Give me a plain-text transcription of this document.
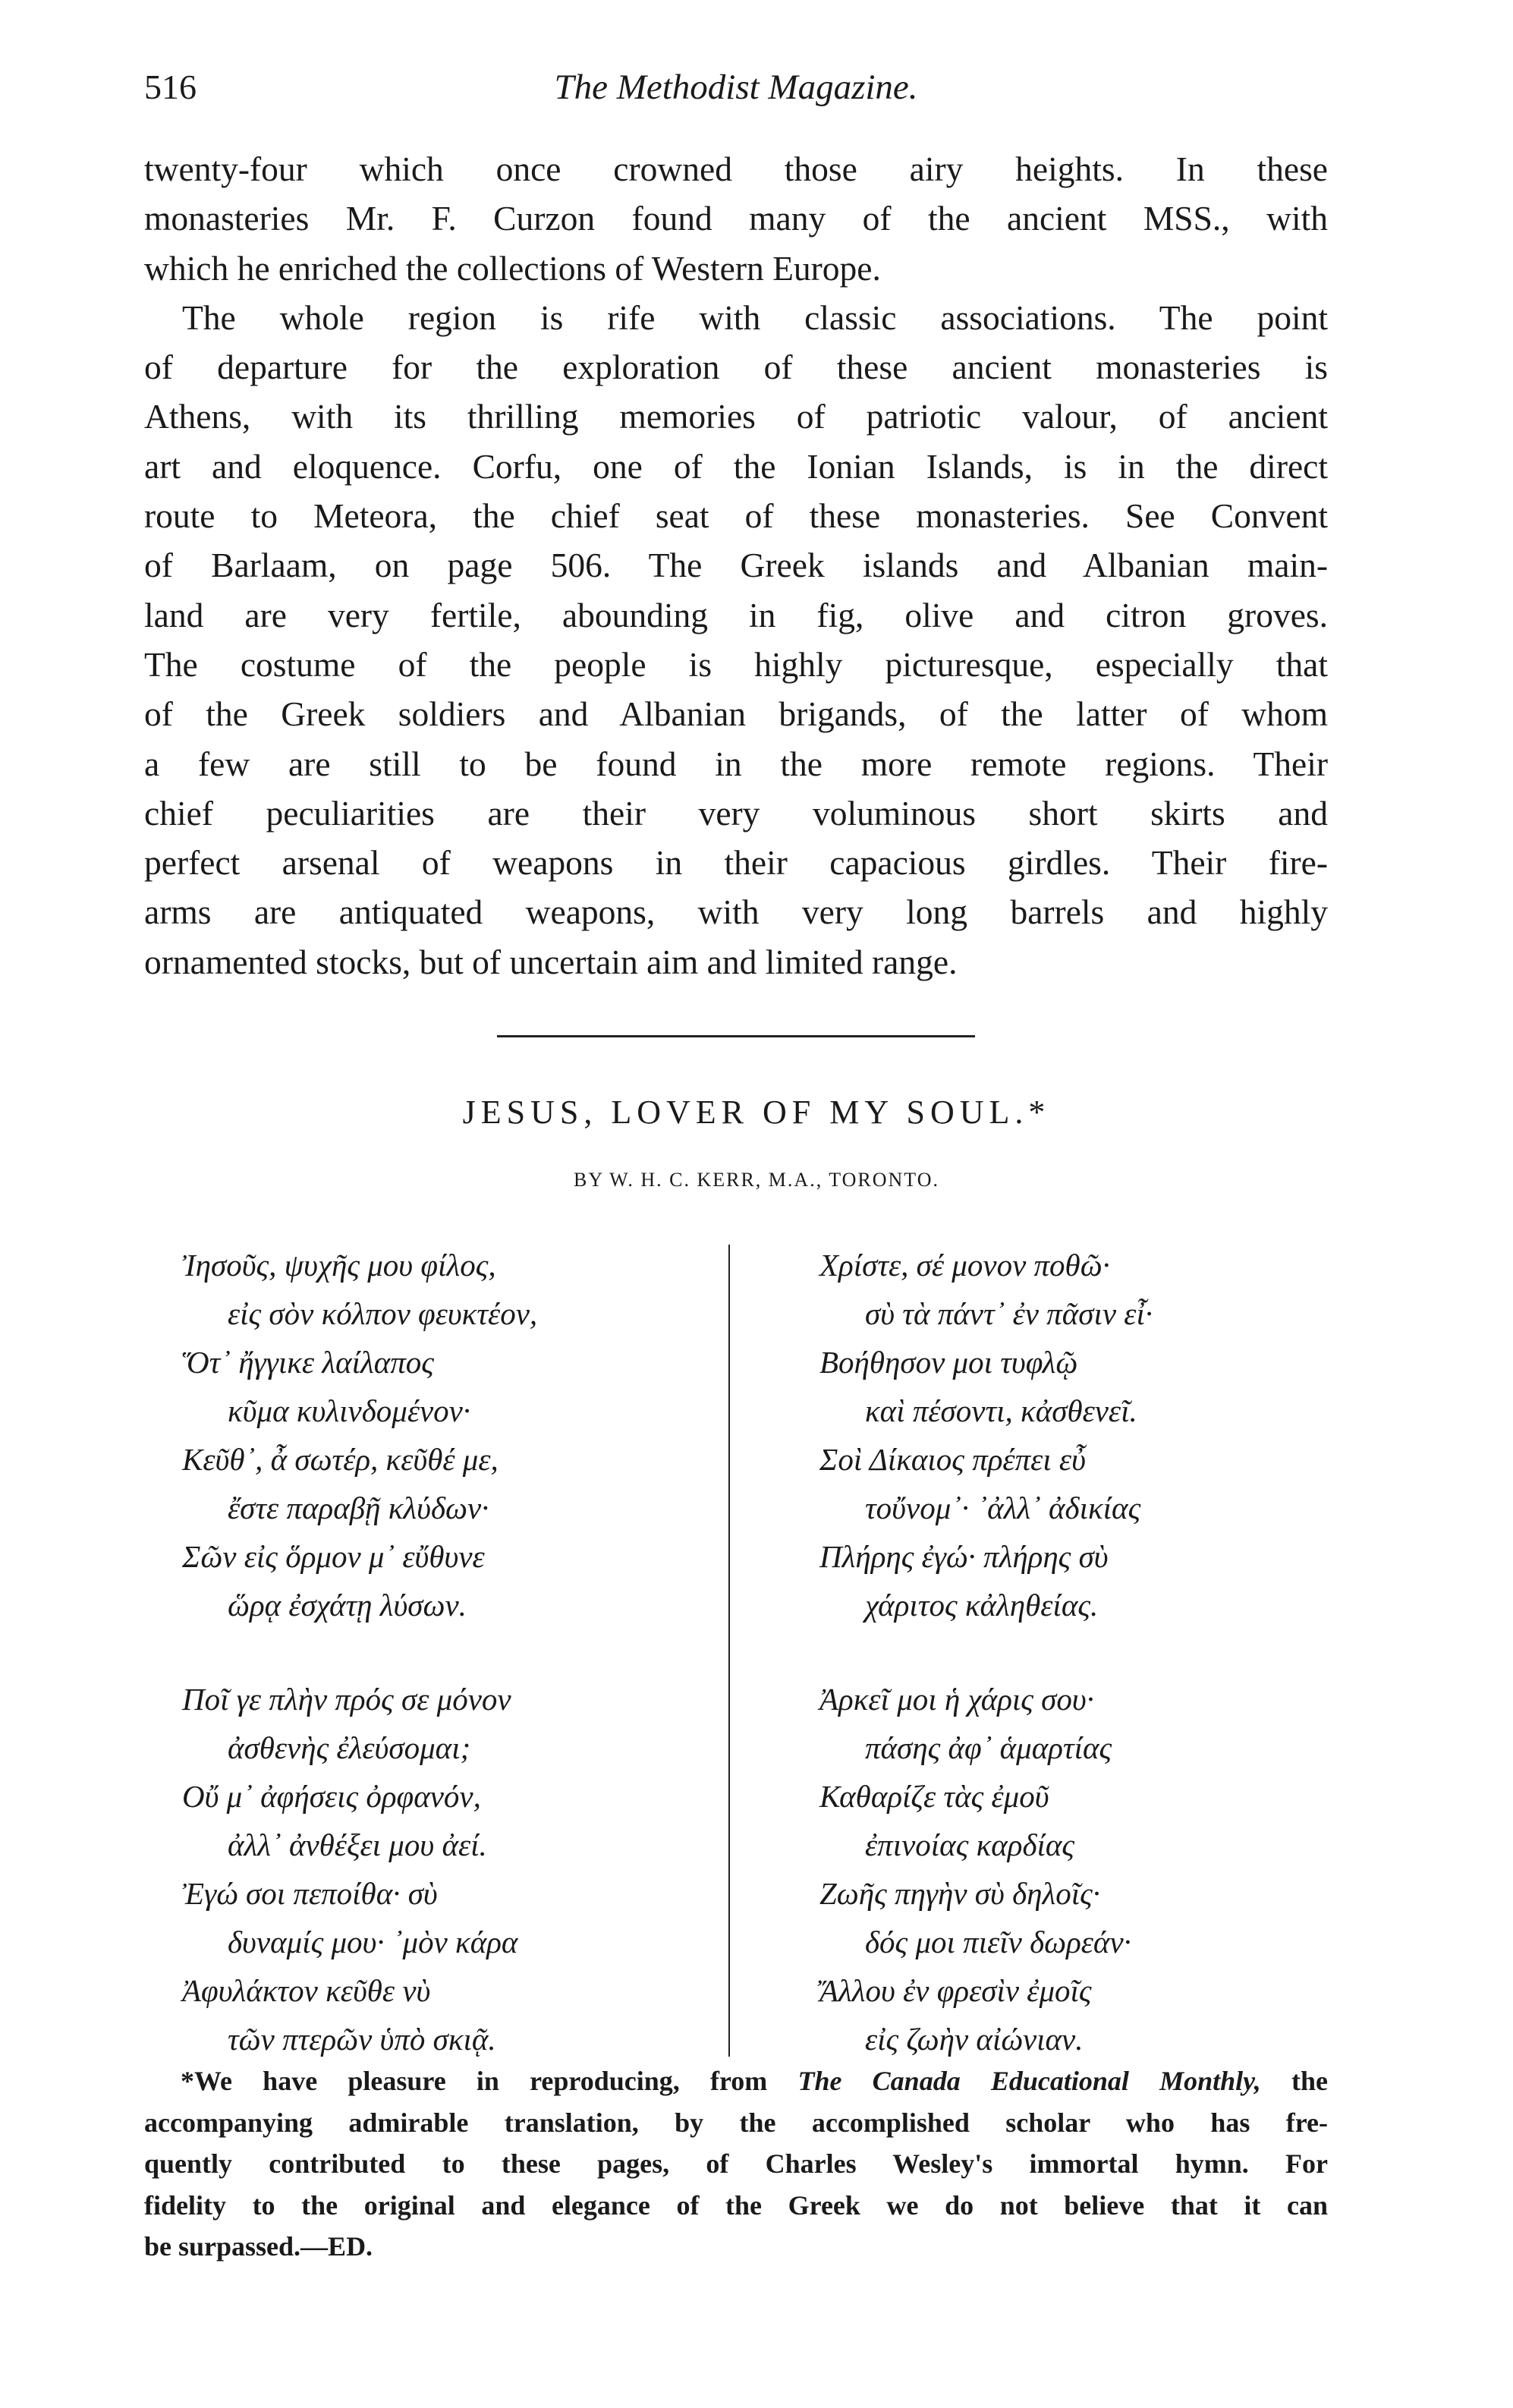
516	The Methodist Magazine.
twenty-four which once crowned those airy heights. In these
monasteries Mr. F. Curzon found many of the ancient MSS., with
which he enriched the collections of Western Europe.
The whole region is rife with classic associations. The point
of departure for the exploration of these ancient monasteries is
Athens, with its thrilling memories of patriotic valour, of ancient
art and eloquence. Corfu, one of the Ionian Islands, is in the direct
route to Meteora, the chief seat of these monasteries. See Convent
of Barlaam, on page 506. The Greek islands and Albanian main-
land are very fertile, abounding in fig, olive and citron groves.
The costume of the people is highly picturesque, especially that
of the Greek soldiers and Albanian brigands, of the latter of whom
a few are still to be found in the more remote regions. Their
chief peculiarities are their very voluminous short skirts and
perfect arsenal of weapons in their capacious girdles. Their fire-
arms are antiquated weapons, with very long barrels and highly
ornamented stocks, but of uncertain aim and limited range.
JESUS, LOVER OF MY SOUL.*
BY W. H. C. KERR, M.A., TORONTO.
Ἰησοῦς, ψυχῆς μου φίλος,
εἰς σὸν κόλπον φευκτέον,
Ὅτ᾽ ἤγγικε λαίλαπος
κῦμα κυλινδομένον·
Κεῦθ᾽, ἆ σωτέρ, κεῦθέ με,
ἔστε παραβῇ κλύδων·
Σῶν εἰς ὅρμον μ᾽ εὔθυνε
ὥρᾳ ἐσχάτῃ λύσων.
Ποῖ γε πλὴν πρός σε μόνον
ἀσθενὴς ἐλεύσομαι;
Οὔ μ᾽ ἀφήσεις ὀρφανόν,
ἀλλ᾽ ἀνθέξει μου ἀεί.
Ἐγώ σοι πεποίθα· σὺ
δυναμίς μου· ᾽μὸν κάρα
Ἀφυλάκτον κεῦθε νὺ
τῶν πτερῶν ὑπὸ σκιᾷ.
Χρίστε, σέ μονον ποθῶ·
σὺ τὰ πάντ᾽ ἐν πᾶσιν εἶ·
Βοήθησον μοι τυφλῷ
καὶ πέσοντι, κἀσθενεῖ.
Σοὶ Δίκαιος πρέπει εὖ
τοὔνομ᾽· ᾽ἀλλ᾽ ἀδικίας
Πλήρης ἐγώ· πλήρης σὺ
χάριτος κἀληθείας.
Ἀρκεῖ μοι ἡ χάρις σου·
πάσης ἀφ᾽ ἁμαρτίας
Καθαρίζε τὰς ἐμοῦ
ἐπινοίας καρδίας
Ζωῆς πηγὴν σὺ δηλοῖς·
δός μοι πιεῖν δωρεάν·
Ἄλλου ἐν φρεσὶν ἐμοῖς
εἰς ζωὴν αἰώνιαν.
*We have pleasure in reproducing, from The Canada Educational Monthly, the
accompanying admirable translation, by the accomplished scholar who has fre-
quently contributed to these pages, of Charles Wesley's immortal hymn. For
fidelity to the original and elegance of the Greek we do not believe that it can
be surpassed.—ED.
